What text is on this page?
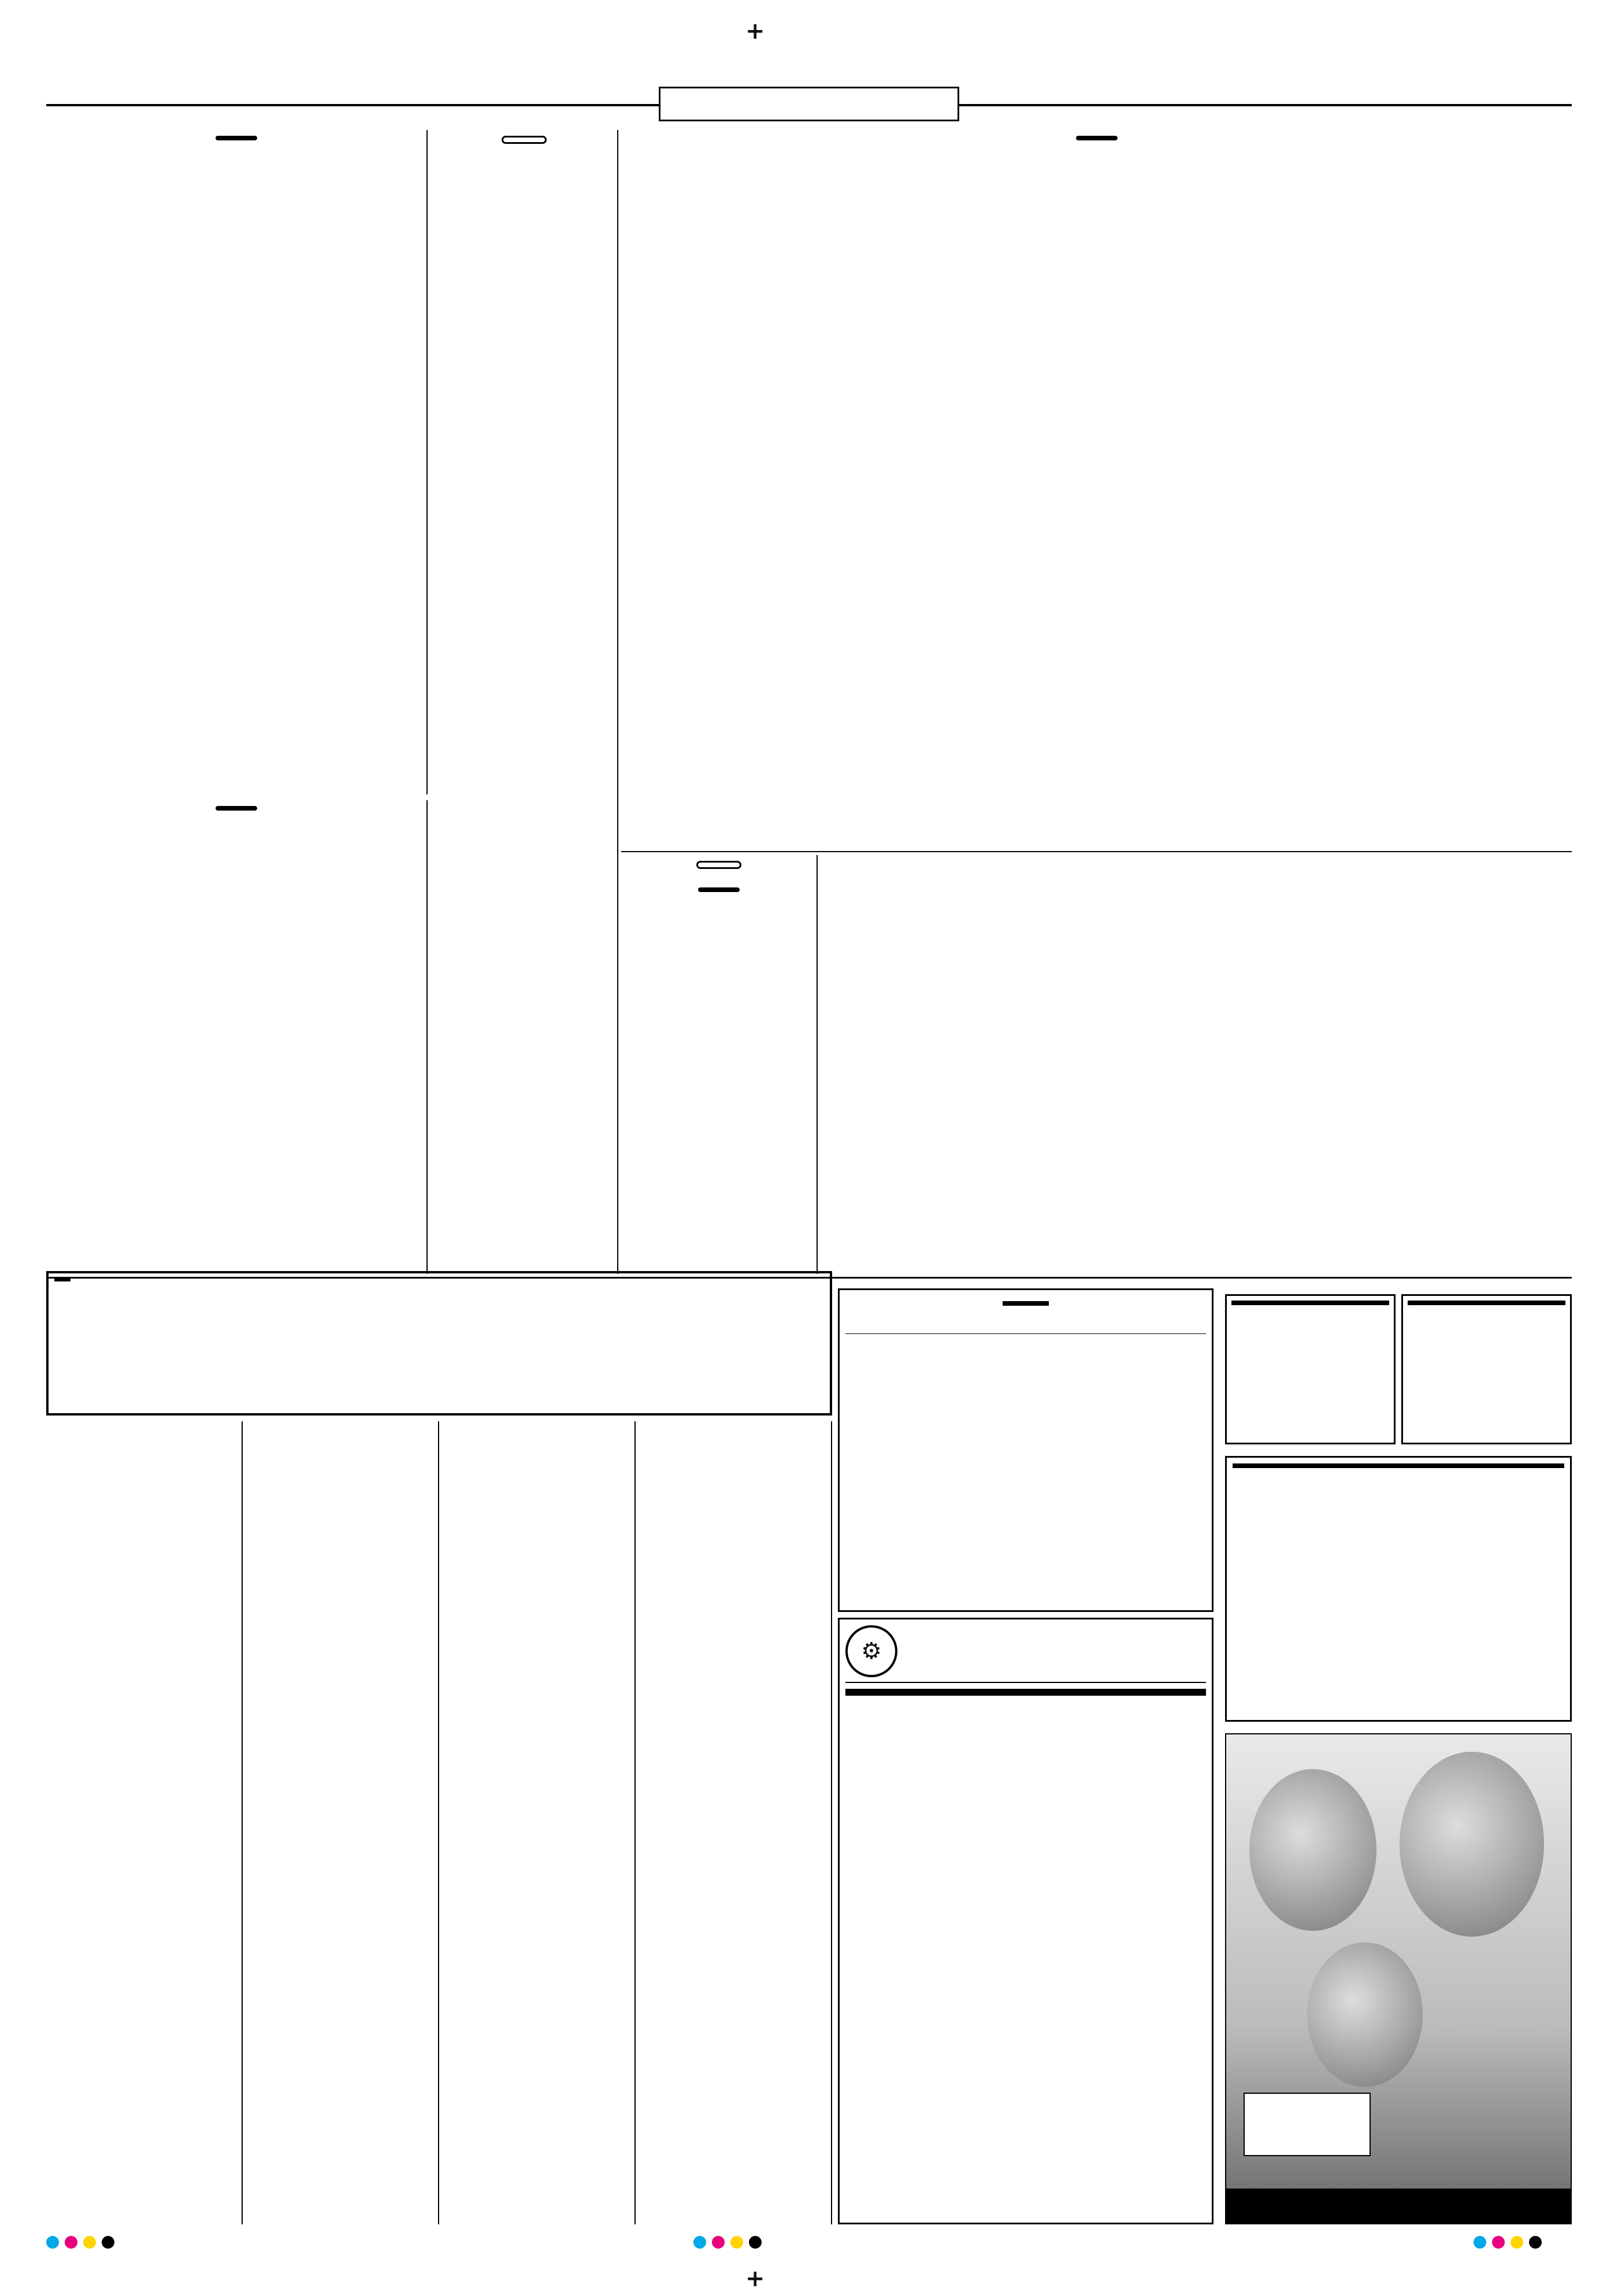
+
+
⚙
